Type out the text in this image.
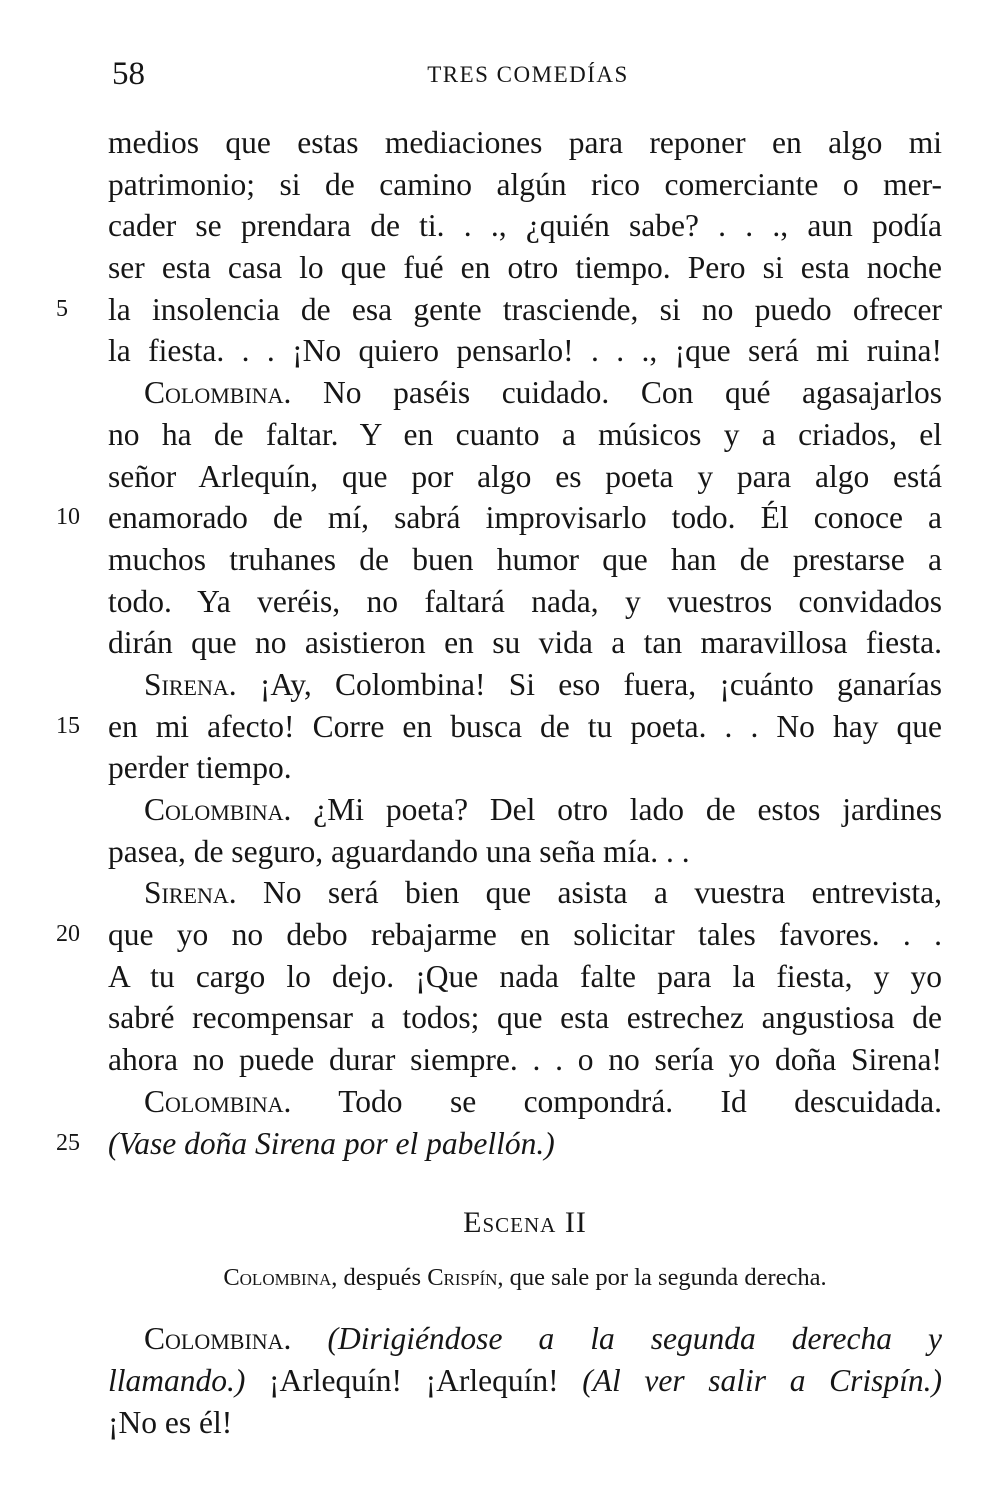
58	TRES COMEDÍAS
medios que estas mediaciones para reponer en algo mi
patrimonio; si de camino algún rico comerciante o mer-
cader se prendara de ti. . ., ¿quién sabe? . . ., aun podía
ser esta casa lo que fué en otro tiempo. Pero si esta noche
5	la insolencia de esa gente trasciende, si no puedo ofrecer
la fiesta. . . ¡No quiero pensarlo! . . ., ¡que será mi ruina!
Colombina. No paséis cuidado. Con qué agasajarlos
no ha de faltar. Y en cuanto a músicos y a criados, el
señor Arlequín, que por algo es poeta y para algo está
10 enamorado de mí, sabrá improvisarlo todo. Él conoce a
muchos truhanes de buen humor que han de prestarse a
todo. Ya veréis, no faltará nada, y vuestros convidados
dirán que no asistieron en su vida a tan maravillosa fiesta.
Sirena. ¡Ay, Colombina! Si eso fuera, ¡cuánto ganarías
15 en mi afecto! Corre en busca de tu poeta. . . No hay que
perder tiempo.
Colombina. ¿Mi poeta? Del otro lado de estos jardines
pasea, de seguro, aguardando una seña mía. . .
Sirena. No será bien que asista a vuestra entrevista,
20 que yo no debo rebajarme en solicitar tales favores. . .
A tu cargo lo dejo. ¡Que nada falte para la fiesta, y yo
sabré recompensar a todos; que esta estrechez angustiosa de
ahora no puede durar siempre. . . o no sería yo doña Sirena!
Colombina. Todo se compondrá. Id descuidada.
25 (Vase doña Sirena por el pabellón.)
Escena II
Colombina, después Crispín, que sale por la segunda derecha.
Colombina. (Dirigiéndose a la segunda derecha y
llamando.) ¡Arlequín! ¡Arlequín! (Al ver salir a Crispín.)
¡No es él!
